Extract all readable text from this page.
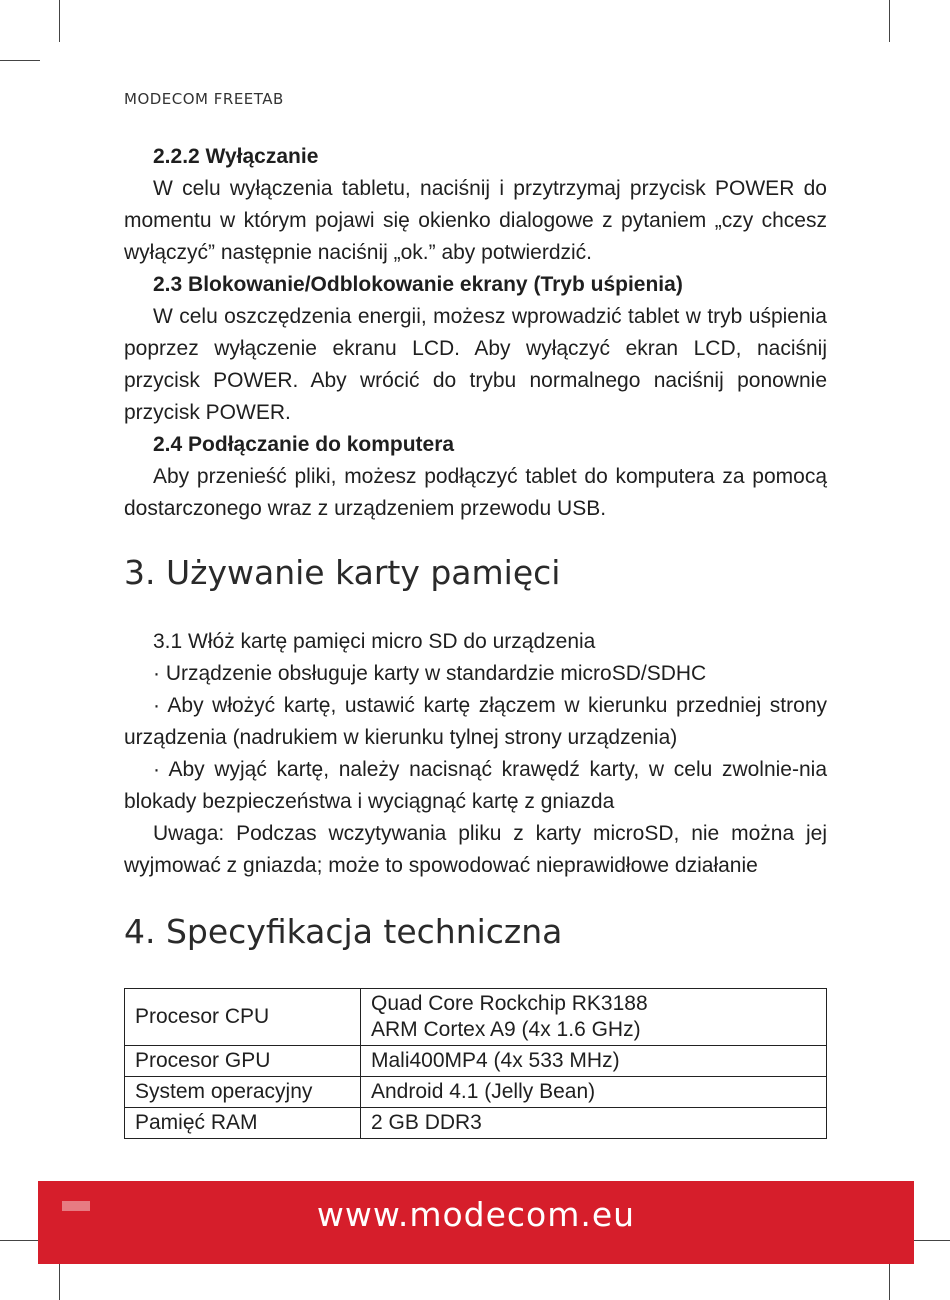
MODECOM FREETAB
2.2.2 Wyłączanie

W celu wyłączenia tabletu, naciśnij i przytrzymaj przycisk POWER do momentu w którym pojawi się okienko dialogowe z pytaniem „czy chcesz wyłączyć” następnie naciśnij „ok.” aby potwierdzić.

2.3 Blokowanie/Odblokowanie ekrany (Tryb uśpienia)

W celu oszczędzenia energii, możesz wprowadzić tablet w tryb uśpienia poprzez wyłączenie ekranu LCD. Aby wyłączyć ekran LCD, naciśnij przycisk POWER. Aby wrócić do trybu normalnego naciśnij ponownie przycisk POWER.

2.4 Podłączanie do komputera

Aby przenieść pliki, możesz podłączyć tablet do komputera za pomocą dostarczonego wraz z urządzeniem przewodu USB.

3. Używanie karty pamięci

3.1 Włóż kartę pamięci micro SD do urządzenia

· Urządzenie obsługuje karty w standardzie microSD/SDHC

· Aby włożyć kartę, ustawić kartę złączem w kierunku przedniej strony urządzenia (nadrukiem w kierunku tylnej strony urządzenia)

· Aby wyjąć kartę, należy nacisnąć krawędź karty, w celu zwolnie-nia blokady bezpieczeństwa i wyciągnąć kartę z gniazda

Uwaga: Podczas wczytywania pliku z karty microSD, nie można jej wyjmować z gniazda; może to spowodować nieprawidłowe działanie

4. Specyfikacja techniczna
Procesor CPU	Quad Core Rockchip RK3188
ARM Cortex A9 (4x 1.6 GHz)

Procesor GPU	Mali400MP4 (4x 533 MHz)
System operacyjny	Android 4.1 (Jelly Bean)
Pamięć RAM	2 GB DDR3
www.modecom.eu
